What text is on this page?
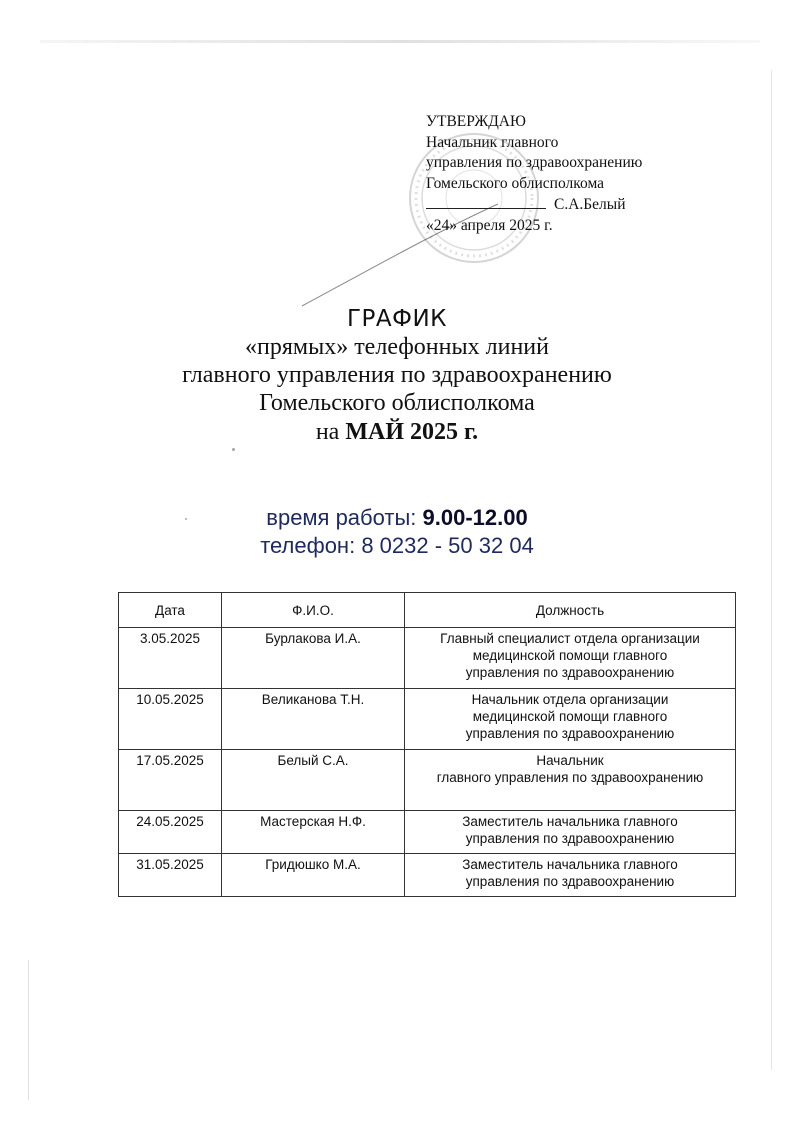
УТВЕРЖДАЮ
Начальник главного
управления по здравоохранению
Гомельского облисполкома
С.А.Белый
«24» апреля 2025 г.
ГРАФИК
«прямых» телефонных линий
главного управления по здравоохранению
Гомельского облисполкома
на МАЙ 2025 г.
время работы: 9.00-12.00
телефон: 8 0232 - 50 32 04
Дата	Ф.И.О.	Должность
3.05.2025	Бурлакова И.А.	Главный специалист отдела организации
медицинской помощи главного
управления по здравоохранению

10.05.2025	Великанова Т.Н.	Начальник отдела организации
медицинской помощи главного
управления по здравоохранению

17.05.2025	Белый С.А.	Начальник
главного управления по здравоохранению

24.05.2025	Мастерская Н.Ф.	Заместитель начальника главного
управления по здравоохранению

31.05.2025	Гридюшко М.А.	Заместитель начальника главного
управления по здравоохранению
